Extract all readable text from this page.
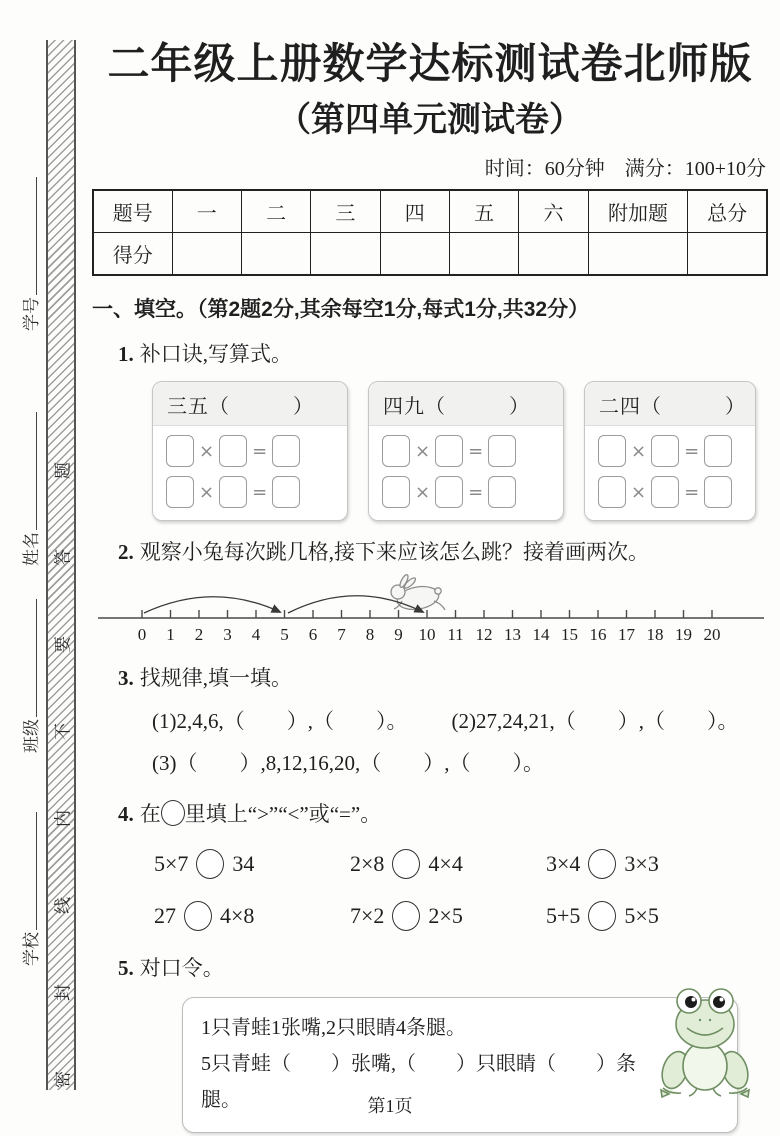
学号
姓名
班级
学校 密封线内不要答题
二年级上册数学达标测试卷北师版
（第四单元测试卷）
时间：60分钟　满分：100+10分
题号	一	二	三	四	五	六	附加题	总分
得分								
一、填空。（第2题2分,其余每空1分,每式1分,共32分）

1. 补口诀,写算式。

三五（　　　）
× =
× =
四九（　　　）
× =
× =
二四（　　　）
× =
× =

2. 观察小兔每次跳几格,接下来应该怎么跳？接着画两次。

0 1 2 3 4 5 6 7 8 9 10 11 12 13 14 15 16 17 18 19 20

3. 找规律,填一填。

(1)2,4,6,（　　）,（　　）。 (2)27,24,21,（　　）,（　　）。
(3)（　　）,8,12,16,20,（　　）,（　　）。

4. 在 里填上“>”“<”或“=”。

5×7 34	2×8 4×4	3×4 3×3
27 4×8	7×2 2×5	5+5 5×5

5. 对口令。

1只青蛙1张嘴,2只眼睛4条腿。
5只青蛙（　　）张嘴,（　　）只眼睛（　　）条腿。	第1页
